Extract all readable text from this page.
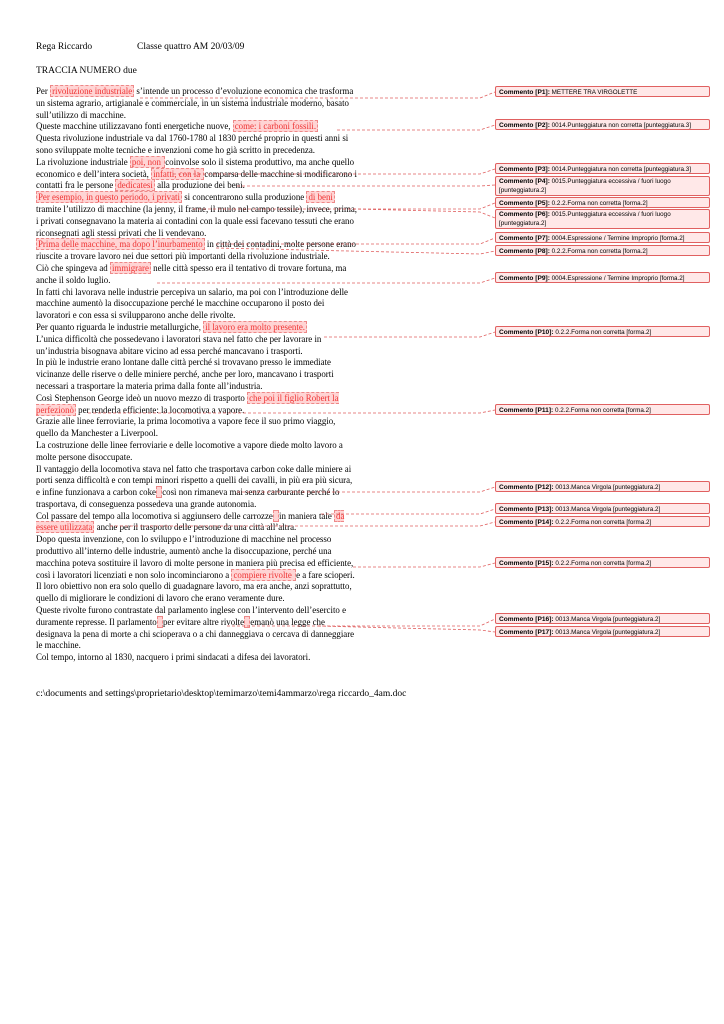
Rega Riccardo	Classe quattro AM 20/03/09
TRACCIA NUMERO due

Per rivoluzione industriale s’intende un processo d’evoluzione economica che trasforma un sistema agrario, artigianale e commerciale, in un sistema industriale moderno, basato sull’utilizzo di macchine.

Queste macchine utilizzavano fonti energetiche nuove, come: i carboni fossili.

Questa rivoluzione industriale va dal 1760-1780 al 1830 perché proprio in questi anni si sono sviluppate molte tecniche e invenzioni come ho già scritto in precedenza.

La rivoluzione industriale poi, non coinvolse solo il sistema produttivo, ma anche quello economico e dell’intera società, infatti, con la comparsa delle macchine si modificarono i contatti fra le persone dedicatesi alla produzione dei beni.

Per esempio, in questo periodo, i privati si concentrarono sulla produzione di beni tramite l’utilizzo di macchine (la jenny, il frame, il mulo nel campo tessile), invece, prima, i privati consegnavano la materia ai contadini con la quale essi facevano tessuti che erano riconsegnati agli stessi privati che li vendevano.

Prima delle macchine, ma dopo l’inurbamento in città dei contadini, molte persone erano riuscite a trovare lavoro nei due settori più importanti della rivoluzione industriale.

Ciò che spingeva ad immigrare nelle città spesso era il tentativo di trovare fortuna, ma anche il soldo luglio.

In fatti chi lavorava nelle industrie percepiva un salario, ma poi con l’introduzione delle macchine aumentò la disoccupazione perché le macchine occuparono il posto dei lavoratori e con essa si svilupparono anche delle rivolte.

Per quanto riguarda le industrie metallurgiche, il lavoro era molto presente.

L’unica difficoltà che possedevano i lavoratori stava nel fatto che per lavorare in un’industria bisognava abitare vicino ad essa perché mancavano i trasporti.

In più le industrie erano lontane dalle città perché si trovavano presso le immediate vicinanze delle riserve o delle miniere perché, anche per loro, mancavano i trasporti necessari a trasportare la materia prima dalla fonte all’industria.

Così Stephenson George ideò un nuovo mezzo di trasporto che poi il figlio Robert la perfezionò per renderla efficiente: la locomotiva a vapore.

Grazie alle linee ferroviarie, la prima locomotiva a vapore fece il suo primo viaggio, quello da Manchester a Liverpool.

La costruzione delle linee ferroviarie e delle locomotive a vapore diede molto lavoro a molte persone disoccupate.

Il vantaggio della locomotiva stava nel fatto che trasportava carbon coke dalle miniere ai porti senza difficoltà e con tempi minori rispetto a quelli dei cavalli, in più era più sicura, e infine funzionava a carbon coke così non rimaneva mai senza carburante perché lo trasportava, di conseguenza possedeva una grande autonomia.

Col passare del tempo alla locomotiva si aggiunsero delle carrozze in maniera tale da essere utilizzata anche per il trasporto delle persone da una città all’altra.

Dopo questa invenzione, con lo sviluppo e l’introduzione di macchine nel processo produttivo all’interno delle industrie, aumentò anche la disoccupazione, perché una macchina poteva sostituire il lavoro di molte persone in maniera più precisa ed efficiente, così i lavoratori licenziati e non solo incominciarono a compiere rivolte e a fare scioperi.

Il loro obiettivo non era solo quello di guadagnare lavoro, ma era anche, anzi soprattutto, quello di migliorare le condizioni di lavoro che erano veramente dure.

Queste rivolte furono contrastate dal parlamento inglese con l’intervento dell’esercito e duramente represse. Il parlamento per evitare altre rivolte emanò una legge che designava la pena di morte a chi scioperava o a chi danneggiava o cercava di danneggiare le macchine.

Col tempo, intorno al 1830, nacquero i primi sindacati a difesa dei lavoratori.

Commento [P1]: METTERE TRA VIRGOLETTE
Commento [P2]: 0014.Punteggiatura non corretta [punteggiatura.3]
Commento [P3]: 0014.Punteggiatura non corretta [punteggiatura.3]
Commento [P4]: 0015.Punteggiatura eccessiva / fuori luogo [punteggiatura.2]
Commento [P5]: 0.2.2.Forma non corretta [forma.2]
Commento [P6]: 0015.Punteggiatura eccessiva / fuori luogo [punteggiatura.2]
Commento [P7]: 0004.Espressione / Termine Improprio [forma.2]
Commento [P8]: 0.2.2.Forma non corretta [forma.2]
Commento [P9]: 0004.Espressione / Termine Improprio [forma.2]
Commento [P10]: 0.2.2.Forma non corretta [forma.2]
Commento [P11]: 0.2.2.Forma non corretta [forma.2]
Commento [P12]: 0013.Manca Virgola [punteggiatura.2]
Commento [P13]: 0013.Manca Virgola [punteggiatura.2]
Commento [P14]: 0.2.2.Forma non corretta [forma.2]
Commento [P15]: 0.2.2.Forma non corretta [forma.2]
Commento [P16]: 0013.Manca Virgola [punteggiatura.2]
Commento [P17]: 0013.Manca Virgola [punteggiatura.2]
c:\documents and settings\proprietario\desktop\temimarzo\temi4ammarzo\rega riccardo_4am.doc
